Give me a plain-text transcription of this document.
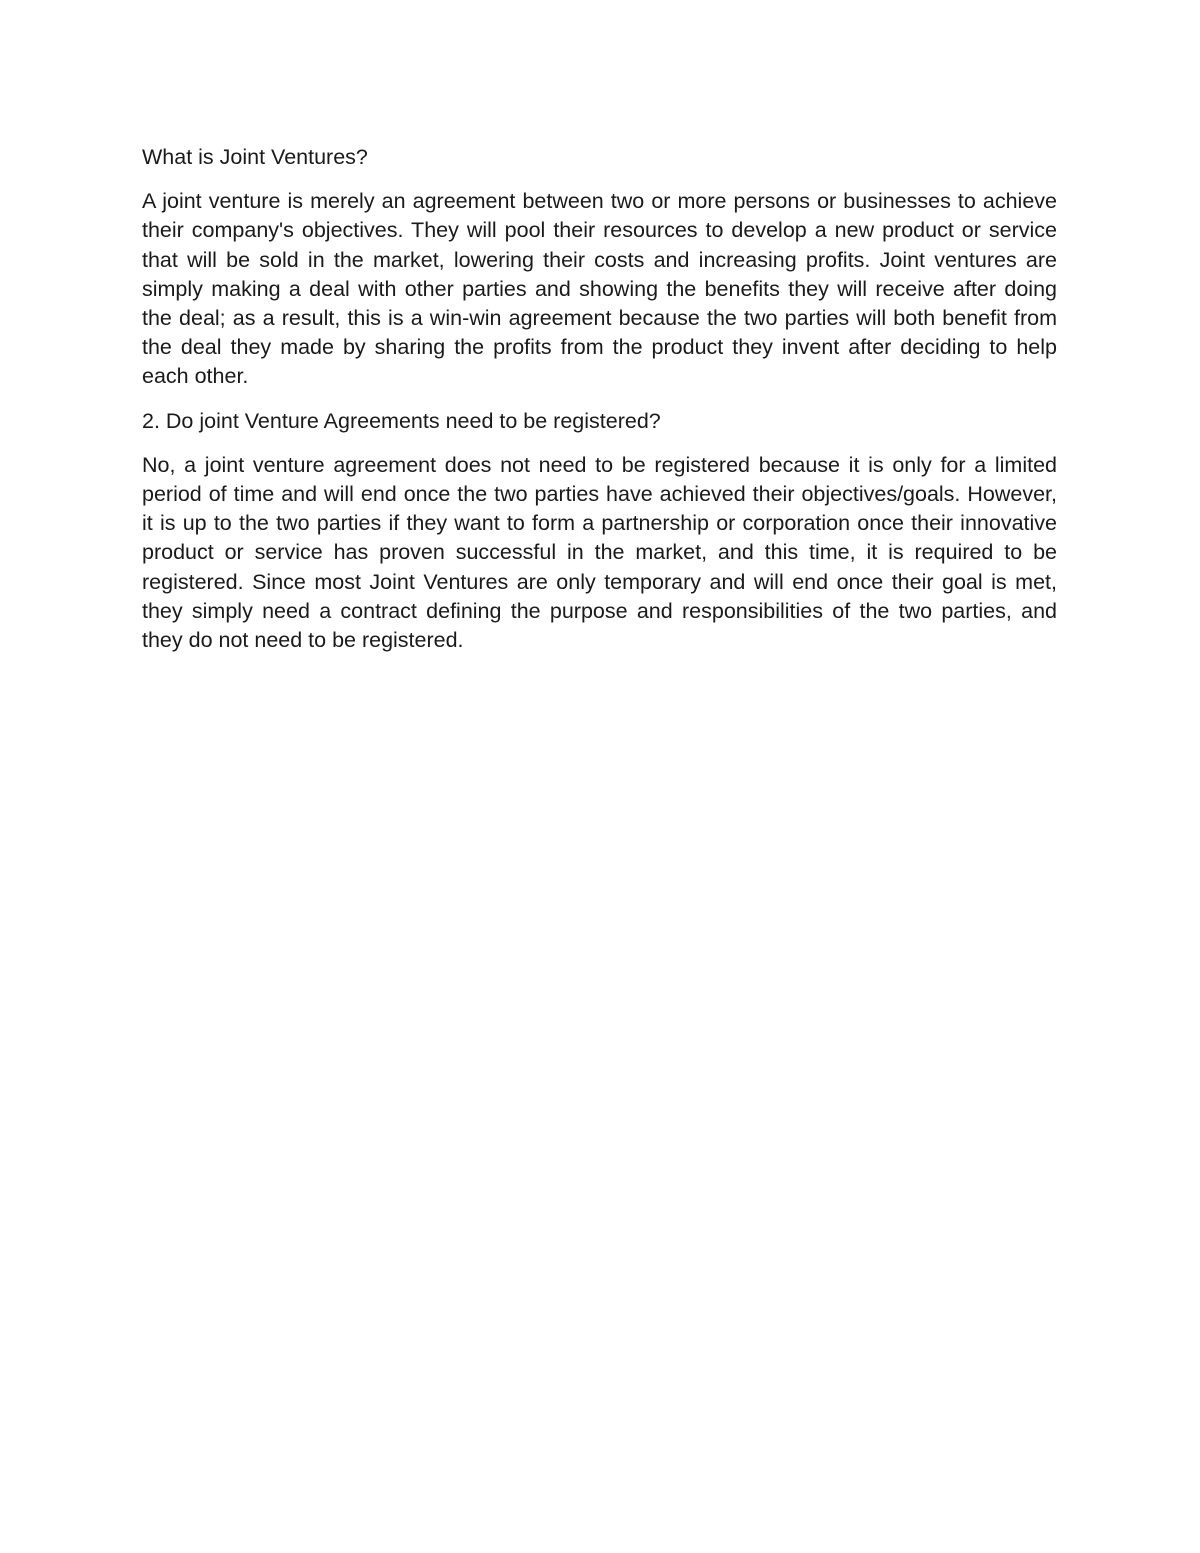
What is Joint Ventures?

A joint venture is merely an agreement between two or more persons or businesses to achieve their company's objectives. They will pool their resources to develop a new product or service that will be sold in the market, lowering their costs and increasing profits. Joint ventures are simply making a deal with other parties and showing the benefits they will receive after doing the deal; as a result, this is a win-win agreement because the two parties will both benefit from the deal they made by sharing the profits from the product they invent after deciding to help each other.

2. Do joint Venture Agreements need to be registered?

No, a joint venture agreement does not need to be registered because it is only for a limited period of time and will end once the two parties have achieved their objectives/goals. However, it is up to the two parties if they want to form a partnership or corporation once their innovative product or service has proven successful in the market, and this time, it is required to be registered. Since most Joint Ventures are only temporary and will end once their goal is met, they simply need a contract defining the purpose and responsibilities of the two parties, and they do not need to be registered.
